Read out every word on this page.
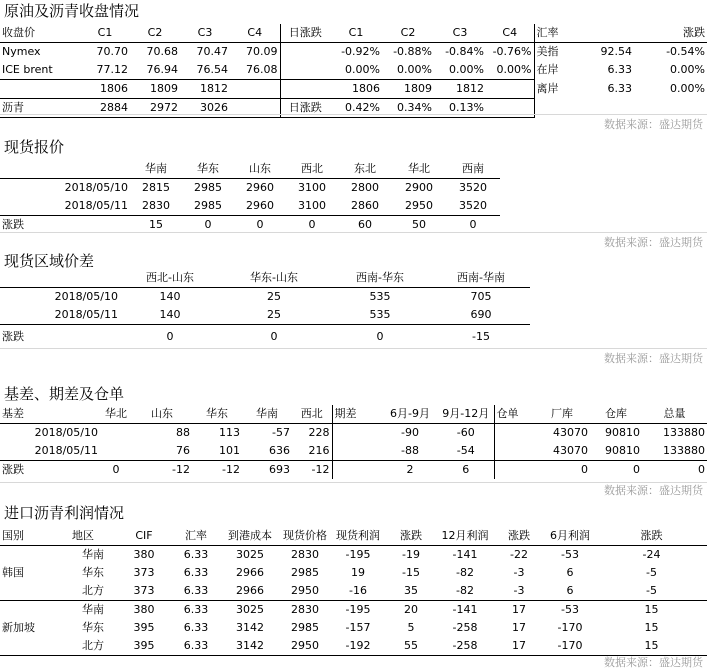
原油及沥青收盘情况
收盘价	C1	C2	C3	C4	日涨跌	C1	C2	C3	C4	汇率		涨跌
Nymex	70.70	70.68	70.47	70.09		-0.92%	-0.88%	-0.84%	-0.76%	美指	92.54	-0.54%
ICE brent	77.12	76.94	76.54	76.08		0.00%	0.00%	0.00%	0.00%	在岸	6.33	0.00%
	1806	1809	1812			1806	1809	1812		离岸	6.33	0.00%
沥青	2884	2972	3026		日涨跌	0.42%	0.34%	0.13%				
数据来源：盛达期货
现货报价
	华南	华东	山东	西北	东北	华北	西南
2018/05/10	2815	2985	2960	3100	2800	2900	3520
2018/05/11	2830	2985	2960	3100	2860	2950	3520
涨跌	15	0	0	0	60	50	0
数据来源：盛达期货
现货区域价差
	西北-山东	华东-山东	西南-华东	西南-华南
2018/05/10	140	25	535	705
2018/05/11	140	25	535	690
涨跌	0	0	0	-15
数据来源：盛达期货
基差、期差及仓单
基差	华北	山东	华东	华南	西北	期差	6月-9月	9月-12月	仓单	厂库	仓库	总量
2018/05/10		88	113	-57	228		-90	-60		43070	90810	133880
2018/05/11		76	101	636	216		-88	-54		43070	90810	133880
涨跌	0	-12	-12	693	-12		2	6		0	0	0
数据来源：盛达期货
进口沥青利润情况
国别	地区	CIF	汇率	到港成本	现货价格	现货利润	涨跌	12月利润	涨跌	6月利润	涨跌
韩国	华南	380	6.33	3025	2830	-195	-19	-141	-22	-53	-24
	华东	373	6.33	2966	2985	19	-15	-82	-3	6	-5
	北方	373	6.33	2966	2950	-16	35	-82	-3	6	-5
新加坡	华南	380	6.33	3025	2830	-195	20	-141	17	-53	15
	华东	395	6.33	3142	2985	-157	5	-258	17	-170	15
	北方	395	6.33	3142	2950	-192	55	-258	17	-170	15
数据来源：盛达期货
